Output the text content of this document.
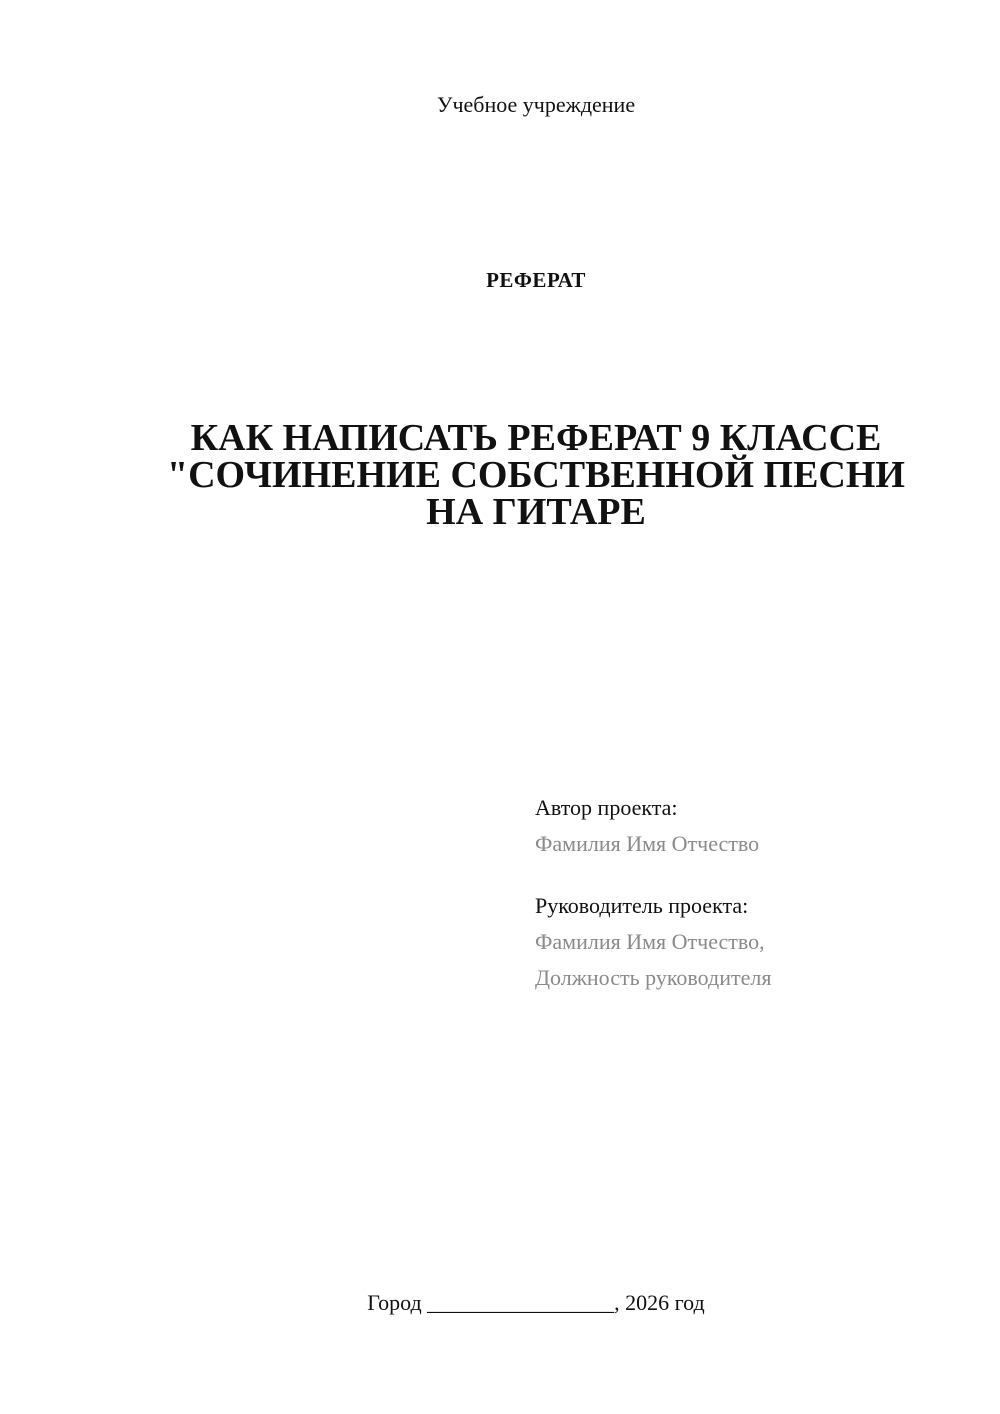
Учебное учреждение
РЕФЕРАТ
КАК НАПИСАТЬ РЕФЕРАТ 9 КЛАССЕ
"СОЧИНЕНИЕ СОБСТВЕННОЙ ПЕСНИ
НА ГИТАРЕ
Автор проекта:
Фамилия Имя Отчество
Руководитель проекта:
Фамилия Имя Отчество,
Должность руководителя
Город _________________, 2026 год
